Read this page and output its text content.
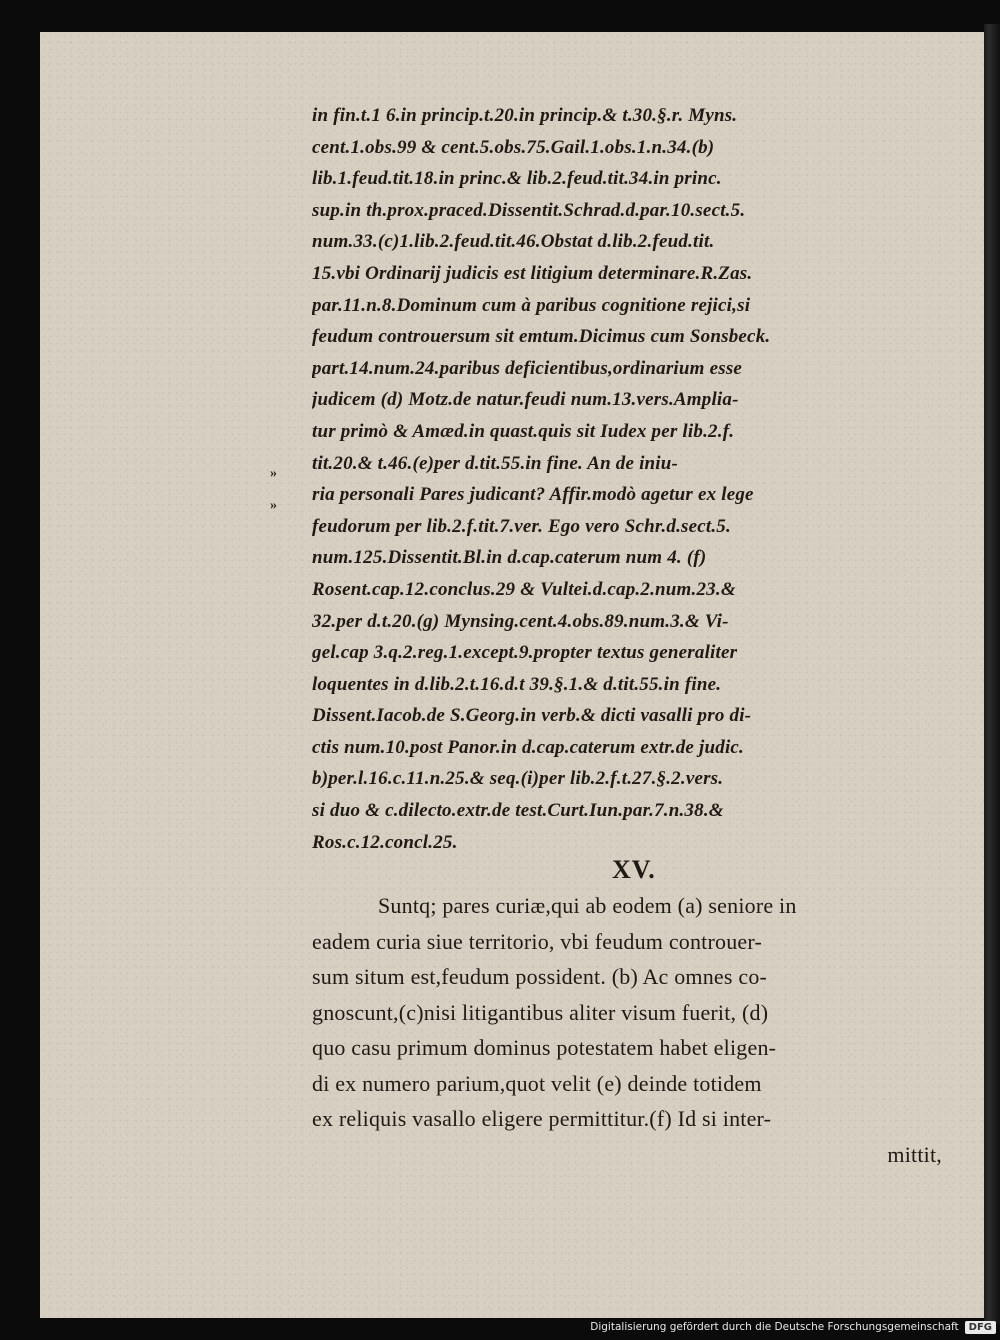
in fin.t.1 6.in princip.t.20.in princip.& t.30.§.r. Myns.
cent.1.obs.99 & cent.5.obs.75.Gail.1.obs.1.n.34.(b)
lib.1.feud.tit.18.in princ.& lib.2.feud.tit.34.in princ.
sup.in th.prox.praced.Dissentit.Schrad.d.par.10.sect.5.
num.33.(c)1.lib.2.feud.tit.46.Obstat d.lib.2.feud.tit.
15.vbi Ordinarij judicis est litigium determinare.R.Zas.
par.11.n.8.Dominum cum à paribus cognitione rejici,si
feudum controuersum sit emtum.Dicimus cum Sonsbeck.
part.14.num.24.paribus deficientibus,ordinarium esse
judicem (d) Motz.de natur.feudi num.13.vers.Amplia-
tur primò & Amæd.in quast.quis sit Iudex per lib.2.f.
tit.20.& t.46.(e)per d.tit.55.in fine. An de iniu-
ria personali Pares judicant? Affir.modò agetur ex lege
feudorum per lib.2.f.tit.7.ver. Ego vero Schr.d.sect.5.
num.125.Dissentit.Bl.in d.cap.caterum num 4. (f)
Rosent.cap.12.conclus.29 & Vultei.d.cap.2.num.23.&
32.per d.t.20.(g) Mynsing.cent.4.obs.89.num.3.& Vi-
gel.cap 3.q.2.reg.1.except.9.propter textus generaliter
loquentes in d.lib.2.t.16.d.t 39.§.1.& d.tit.55.in fine.
Dissent.Iacob.de S.Georg.in verb.& dicti vasalli pro di-
ctis num.10.post Panor.in d.cap.caterum extr.de judic.
b)per.l.16.c.11.n.25.& seq.(i)per lib.2.f.t.27.§.2.vers.
si duo & c.dilecto.extr.de test.Curt.Iun.par.7.n.38.&
Ros.c.12.concl.25.
»
»
XV.
Suntq; pares curiæ,qui ab eodem (a) seniore in
eadem curia siue territorio, vbi feudum controuer-
sum situm est,feudum possident. (b) Ac omnes co-
gnoscunt,(c)nisi litigantibus aliter visum fuerit, (d)
quo casu primum dominus potestatem habet eligen-
di ex numero parium,quot velit (e) deinde totidem
ex reliquis vasallo eligere permittitur.(f) Id si inter-
mittit,
Digitalisierung gefördert durch die Deutsche Forschungsgemeinschaft	DFG
